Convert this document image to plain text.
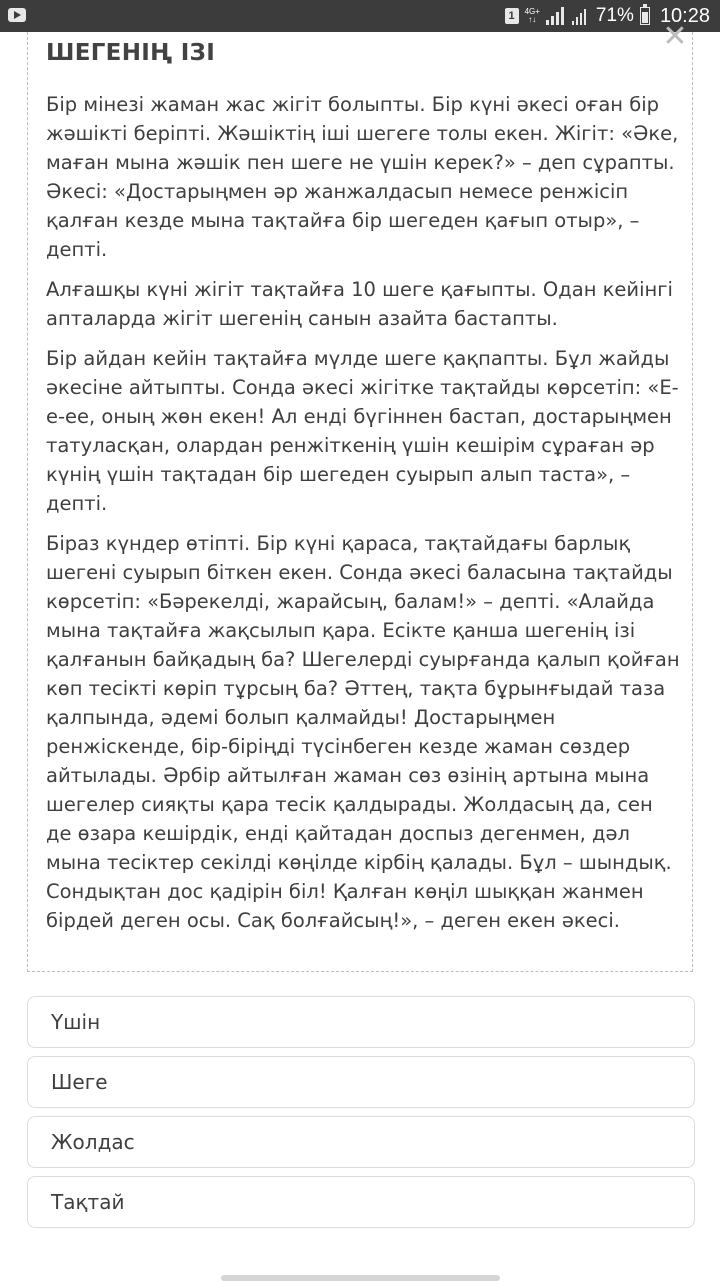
1	4G+
↑↓	71% 10:28
ШЕГЕНІҢ ІЗІ

Бір мінезі жаман жас жігіт болыпты. Бір күні әкесі оған бір жәшікті беріпті. Жәшіктің іші шегеге толы екен. Жігіт: «Әке, маған мына жәшік пен шеге не үшін керек?» – деп сұрапты. Әкесі: «Достарыңмен әр жанжалдасып немесе ренжісіп қалған кезде мына тақтайға бір шегеден қағып отыр», – депті.

Алғашқы күні жігіт тақтайға 10 шеге қағыпты. Одан кейінгі апталарда жігіт шегенің санын азайта бастапты.

Бір айдан кейін тақтайға мүлде шеге қақпапты. Бұл жайды әкесіне айтыпты. Сонда әкесі жігітке тақтайды көрсетіп: «Е-е-ее, оның жөн екен! Ал енді бүгіннен бастап, достарыңмен татуласқан, олардан ренжіткенің үшін кешірім сұраған әр күнің үшін тақтадан бір шегеден суырып алып таста», – депті.

Біраз күндер өтіпті. Бір күні қараса, тақтайдағы барлық шегені суырып біткен екен. Сонда әкесі баласына тақтайды көрсетіп: «Бәрекелді, жарайсың, балам!» – депті. «Алайда мына тақтайға жақсылып қара. Есікте қанша шегенің ізі қалғанын байқадың ба? Шегелерді суырғанда қалып қойған көп тесікті көріп тұрсың ба? Әттең, тақта бұрынғыдай таза қалпында, әдемі болып қалмайды! Достарыңмен ренжіскенде, бір-біріңді түсінбеген кезде жаман сөздер айтылады. Әрбір айтылған жаман сөз өзінің артына мына шегелер сияқты қара тесік қалдырады. Жолдасың да, сен де өзара кешірдік, енді қайтадан доспыз дегенмен, дәл мына тесіктер секілді көңілде кірбің қалады. Бұл – шындық. Сондықтан дос қадірін біл! Қалған көңіл шыққан жанмен бірдей деген осы. Сақ болғайсың!», – деген екен әкесі.

✕
Үшін
Шеге
Жолдас
Тақтай
